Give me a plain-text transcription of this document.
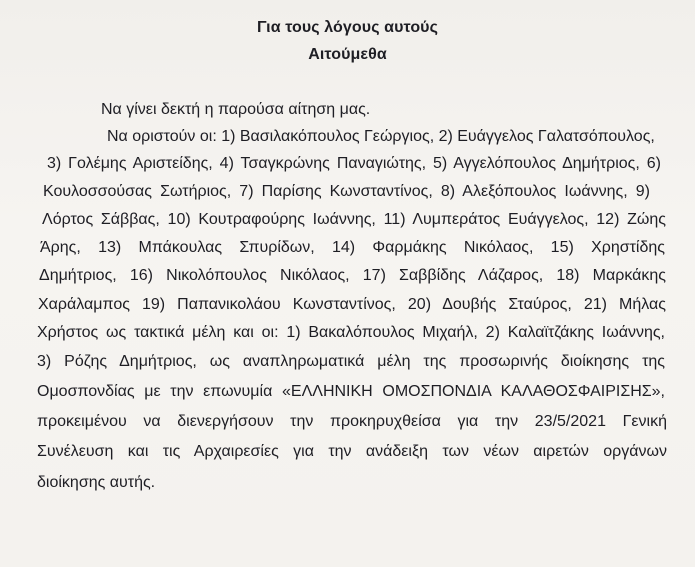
Για τους λόγους αυτούς
Αιτούμεθα
Να γίνει δεκτή η παρούσα αίτηση μας.
Να οριστούν οι: 1) Βασιλακόπουλος Γεώργιος, 2) Ευάγγελος Γαλατσόπουλος,
3) Γολέμης Αριστείδης, 4) Τσαγκρώνης Παναγιώτης, 5) Αγγελόπουλος Δημήτριος, 6)
Κουλοσσούσας Σωτήριος, 7) Παρίσης Κωνσταντίνος, 8) Αλεξόπουλος Ιωάννης, 9)
Λόρτος Σάββας, 10) Κουτραφούρης Ιωάννης, 11) Λυμπεράτος Ευάγγελος, 12) Ζώης
Άρης, 13) Μπάκουλας Σπυρίδων, 14) Φαρμάκης Νικόλαος, 15) Χρηστίδης
Δημήτριος, 16) Νικολόπουλος Νικόλαος, 17) Σαββίδης Λάζαρος, 18) Μαρκάκης
Χαράλαμπος 19) Παπανικολάου Κωνσταντίνος, 20) Δουβής Σταύρος, 21) Μήλας
Χρήστος ως τακτικά μέλη και οι: 1) Βακαλόπουλος Μιχαήλ, 2) Καλαϊτζάκης Ιωάννης,
3) Ρόζης Δημήτριος, ως αναπληρωματικά μέλη της προσωρινής διοίκησης της
Ομοσπονδίας με την επωνυμία «ΕΛΛΗΝΙΚΗ ΟΜΟΣΠΟΝΔΙΑ ΚΑΛΑΘΟΣΦΑΙΡΙΣΗΣ»,
προκειμένου να διενεργήσουν την προκηρυχθείσα για την 23/5/2021 Γενική
Συνέλευση και τις Αρχαιρεσίες για την ανάδειξη των νέων αιρετών οργάνων
διοίκησης αυτής.
